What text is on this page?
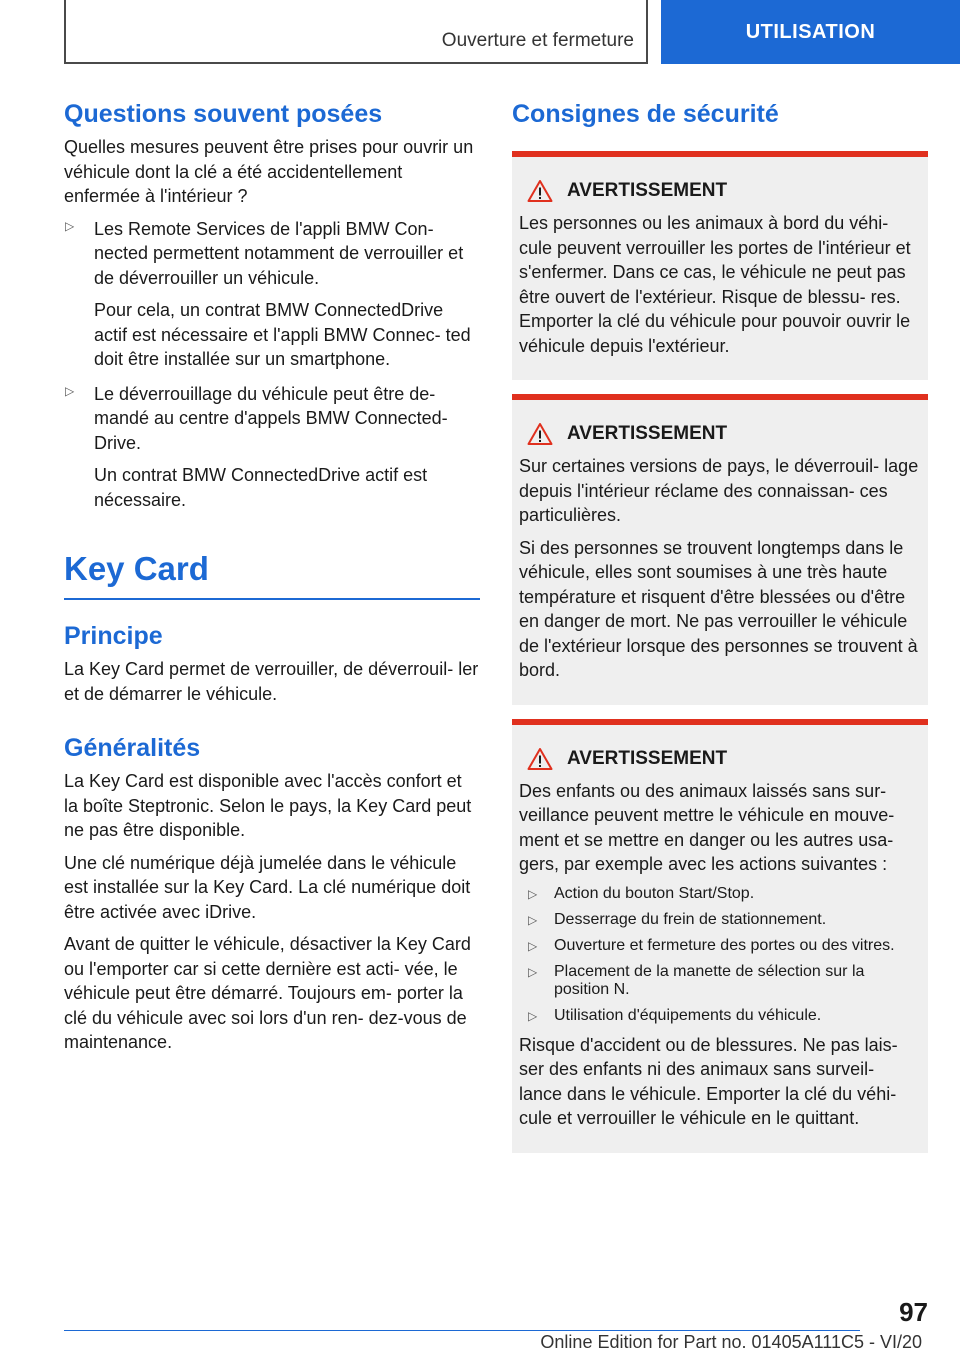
Ouverture et fermeture	UTILISATION
Questions souvent posées

Quelles mesures peuvent être prises pour ouvrir un véhicule dont la clé a été accidentellement enfermée à l'intérieur ?

▷ Les Remote Services de l'appli BMW Con- nected permettent notamment de verrouiller et de déverrouiller un véhicule.

Pour cela, un contrat BMW ConnectedDrive actif est nécessaire et l'appli BMW Connec- ted doit être installée sur un smartphone.

▷ Le déverrouillage du véhicule peut être de- mandé au centre d'appels BMW Connected- Drive.

Un contrat BMW ConnectedDrive actif est nécessaire.

Key Card
Principe

La Key Card permet de verrouiller, de déverrouil- ler et de démarrer le véhicule.

Généralités

La Key Card est disponible avec l'accès confort et la boîte Steptronic. Selon le pays, la Key Card peut ne pas être disponible.

Une clé numérique déjà jumelée dans le véhicule est installée sur la Key Card. La clé numérique doit être activée avec iDrive.

Avant de quitter le véhicule, désactiver la Key Card ou l'emporter car si cette dernière est acti- vée, le véhicule peut être démarré. Toujours em- porter la clé du véhicule avec soi lors d'un ren- dez-vous de maintenance.

Consignes de sécurité
AVERTISSEMENT

Les personnes ou les animaux à bord du véhi- cule peuvent verrouiller les portes de l'intérieur et s'enfermer. Dans ce cas, le véhicule ne peut pas être ouvert de l'extérieur. Risque de blessu- res. Emporter la clé du véhicule pour pouvoir ouvrir le véhicule depuis l'extérieur.

AVERTISSEMENT

Sur certaines versions de pays, le déverrouil- lage depuis l'intérieur réclame des connaissan- ces particulières.

Si des personnes se trouvent longtemps dans le véhicule, elles sont soumises à une très haute température et risquent d'être blessées ou d'être en danger de mort. Ne pas verrouiller le véhicule de l'extérieur lorsque des personnes se trouvent à bord.

AVERTISSEMENT

Des enfants ou des animaux laissés sans sur- veillance peuvent mettre le véhicule en mouve- ment et se mettre en danger ou les autres usa- gers, par exemple avec les actions suivantes :

▷ Action du bouton Start/Stop.
▷ Desserrage du frein de stationnement.
▷ Ouverture et fermeture des portes ou des vitres.
▷ Placement de la manette de sélection sur la position N.
▷ Utilisation d'équipements du véhicule.

Risque d'accident ou de blessures. Ne pas lais- ser des enfants ni des animaux sans surveil- lance dans le véhicule. Emporter la clé du véhi- cule et verrouiller le véhicule en le quittant.

97
Online Edition for Part no. 01405A111C5 - VI/20
